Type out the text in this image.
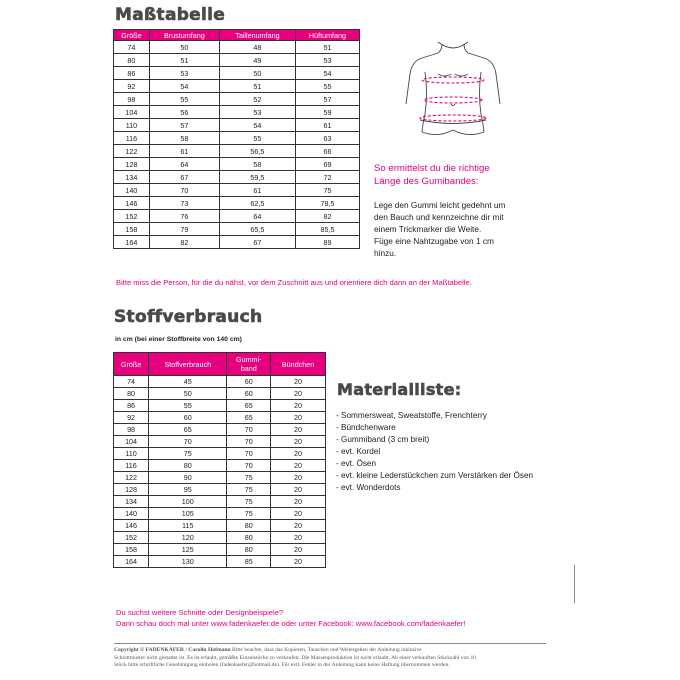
Maßtabelle
Größe	Brustumfang	Taillenumfang	Hüftumfang
74	50	48	51
80	51	49	53
86	53	50	54
92	54	51	55
98	55	52	57
104	56	53	59
110	57	54	61
116	58	55	63
122	61	56,5	66
128	64	58	69
134	67	59,5	72
140	70	61	75
146	73	62,5	78,5
152	76	64	82
158	79	65,5	85,5
164	82	67	89
So ermittelst du die richtige
Länge des Gumibandes:
Lege den Gummi leicht gedehnt um
den Bauch und kennzeichne dir mit
einem Trickmarker die Weite.
Füge eine Nahtzugabe von 1 cm
hinzu.
Bitte miss die Person, für die du nähst, vor dem Zuschnitt aus und orientiere dich dann an der Maßtabelle.
Stoffverbrauch
in cm (bei einer Stoffbreite von 140 cm)
Größe	Stoffverbrauch	Gummi-
band	Bündchen
74	45	60	20
80	50	60	20
86	55	65	20
92	60	65	20
98	65	70	20
104	70	70	20
110	75	70	20
116	80	70	20
122	90	75	20
128	95	75	20
134	100	75	20
140	105	75	20
146	115	80	20
152	120	80	20
158	125	80	20
164	130	85	20
Materialliste:
- Sommersweat, Sweatstoffe, Frenchterry
- Bündchenware
- Gummiband (3 cm breit)
- evt. Kordel
- evt. Ösen
- evt. kleine Lederstückchen zum Verstärken der Ösen
- evt. Wonderdots
Du suchst weitere Schnitte oder Designbeispiele?
Dann schau doch mal unter www.fadenkaefer.de oder unter Facebook: www.facebook.com/fadenkaefer!
Copyright © FADENKÄFER / Carolin Hofmann Bitte beachte, dass das Kopieren, Tauschen und Weitergeben der Anleitung inklusive
Schnittmuster nicht gestattet ist. Es ist erlaubt, gemäßte Einzelstücke zu verkaufen. Die Massenproduktion ist nicht erlaubt. Ab einer verkauften Stückzahl von 10
Stück bitte schriftliche Genehmigung einholen (fadenkaefer@hotmail.de). Für evtl. Fehler in der Anleitung kann keine Haftung übernommen werden.
